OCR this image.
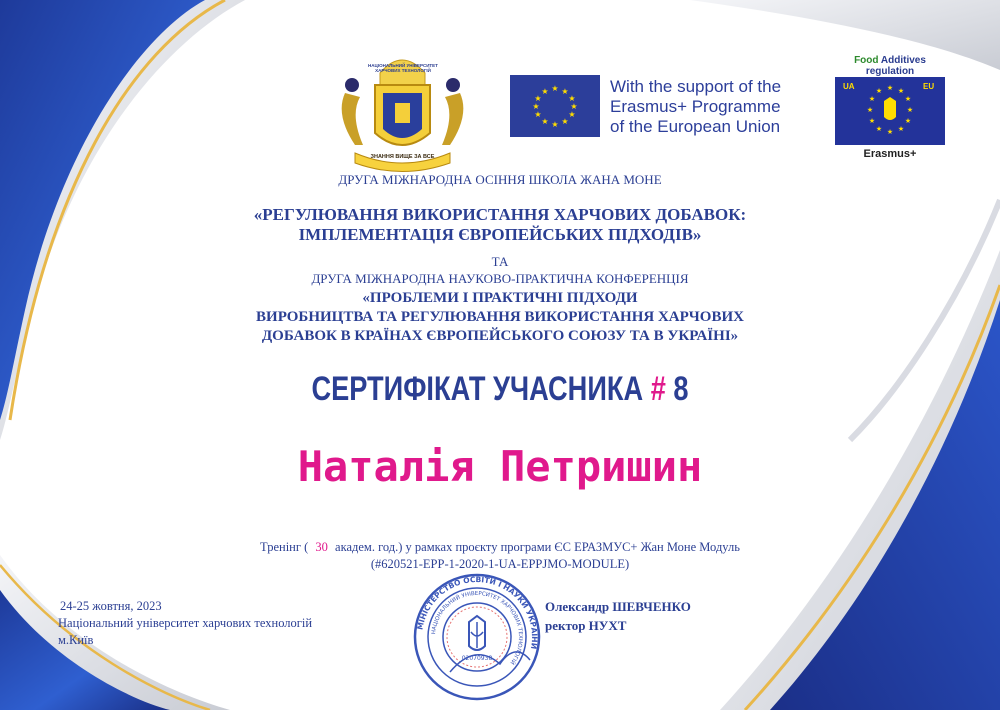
НАЦІОНАЛЬНИЙ УНІВЕРСИТЕТ ХАРЧОВИХ ТЕХНОЛОГІЙ
ЗНАННЯ ВИЩЕ ЗА ВСЕ
★ ★
★
★
★
★
★
★
★
★
★
★	With the support of the
Erasmus+ Programme
of the European Union
Food Additives
regulation
★ ★
★
★
★
★
★
★
★
★
★
★
UA	EU
Erasmus+
ДРУГА МІЖНАРОДНА ОСІННЯ ШКОЛА ЖАНА МОНЕ
«РЕГУЛЮВАННЯ ВИКОРИСТАННЯ ХАРЧОВИХ ДОБАВОК:
ІМПЛЕМЕНТАЦІЯ ЄВРОПЕЙСЬКИХ ПІДХОДІВ»
ТА
ДРУГА МІЖНАРОДНА НАУКОВО-ПРАКТИЧНА КОНФЕРЕНЦІЯ
«ПРОБЛЕМИ І ПРАКТИЧНІ ПІДХОДИ
ВИРОБНИЦТВА ТА РЕГУЛЮВАННЯ ВИКОРИСТАННЯ ХАРЧОВИХ
ДОБАВОК В КРАЇНАХ ЄВРОПЕЙСЬКОГО СОЮЗУ ТА В УКРАЇНІ»
СЕРТИФІКАТ УЧАСНИКА # 8
Наталія Петришин
Тренінг ( 30 академ. год.) у рамках проєкту програми ЄС ЕРАЗМУС+ Жан Моне Модуль
(#620521-EPP-1-2020-1-UA-EPPJMO-MODULE)
24-25 жовтня, 2023
Національний університет харчових технологій
м.Київ
Олександр ШЕВЧЕНКО
ректор НУХТ
МІНІСТЕРСТВО ОСВІТИ І НАУКИ УКРАЇНИ
НАЦІОНАЛЬНИЙ УНІВЕРСИТЕТ ХАРЧОВИХ ТЕХНОЛОГІЙ
02070938
